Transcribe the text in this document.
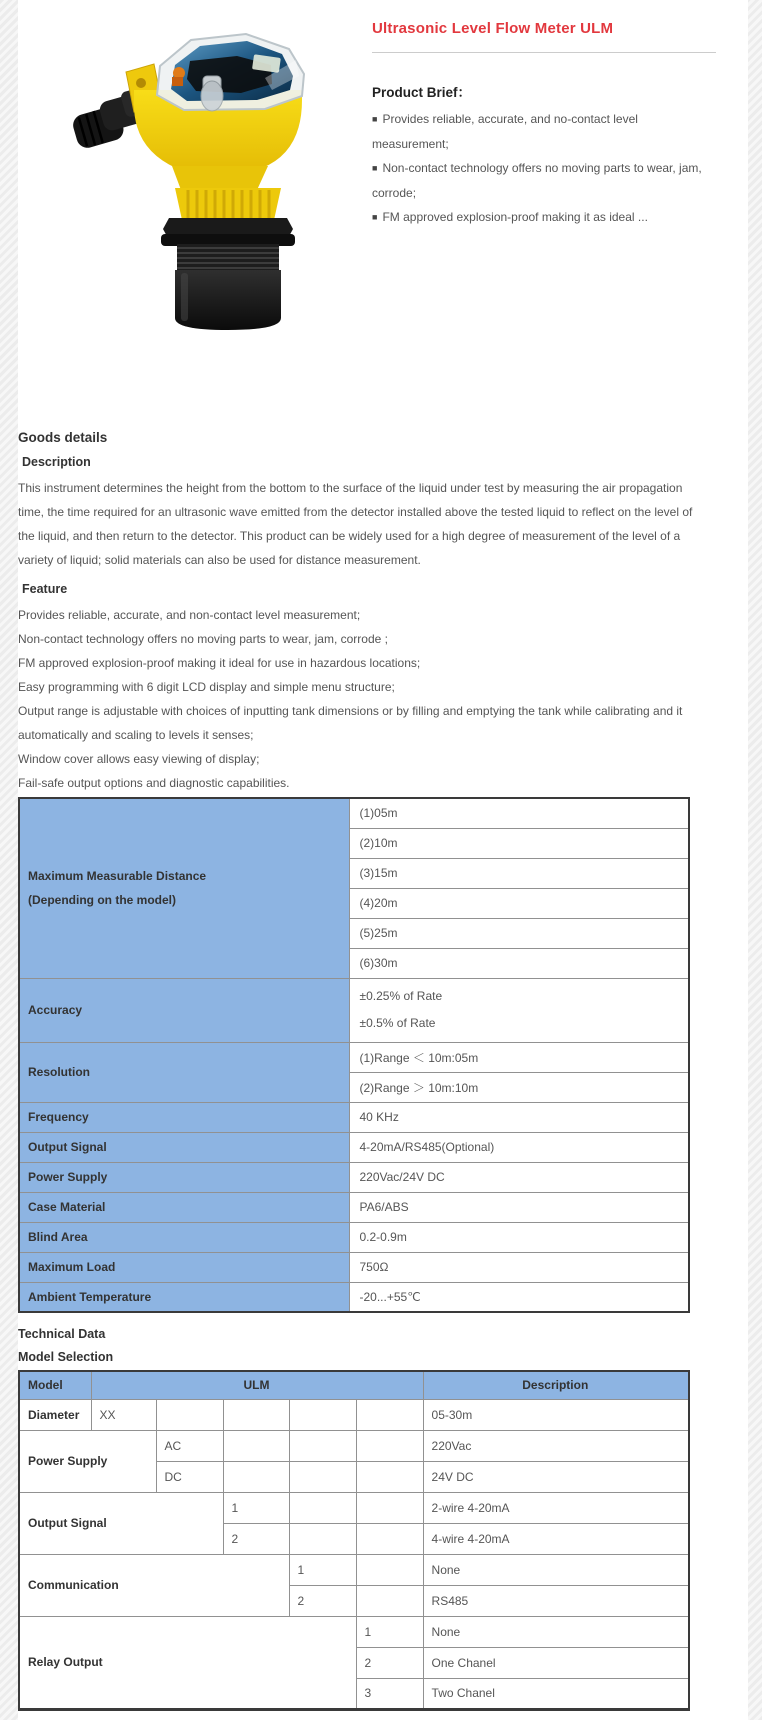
Ultrasonic Level Flow Meter ULM
Product Brief：
■ Provides reliable, accurate, and no-contact level measurement;
■ Non-contact technology offers no moving parts to wear, jam, corrode;
■ FM approved explosion-proof making it as ideal ...
Goods details
Description
This instrument determines the height from the bottom to the surface of the liquid under test by measuring the air propagation time, the time required for an ultrasonic wave emitted from the detector installed above the tested liquid to reflect on the level of the liquid, and then return to the detector. This product can be widely used for a high degree of measurement of the level of a variety of liquid; solid materials can also be used for distance measurement.
Feature
Provides reliable, accurate, and non-contact level measurement;
Non-contact technology offers no moving parts to wear, jam, corrode ;
FM approved explosion-proof making it ideal for use in hazardous locations;
Easy programming with 6 digit LCD display and simple menu structure;
Output range is adjustable with choices of inputting tank dimensions or by filling and emptying the tank while calibrating and it automatically and scaling to levels it senses;
Window cover allows easy viewing of display;
Fail-safe output options and diagnostic capabilities.
Maximum Measurable Distance
(Depending on the model)	(1)05m
	(2)10m
	(3)15m
	(4)20m
	(5)25m
	(6)30m
Accuracy	±0.25% of Rate
±0.5% of Rate

Resolution	(1)Range ＜ 10m:05m
	(2)Range ＞ 10m:10m
Frequency	40 KHz
Output Signal	4-20mA/RS485(Optional)
Power Supply	220Vac/24V DC
Case Material	PA6/ABS
Blind Area	0.2-0.9m
Maximum Load	750Ω
Ambient Temperature	-20...+55℃
Technical Data
Model Selection
Model	ULM					Description
Diameter	XX					05-30m
Power Supply		AC				220Vac
		DC				24V DC
Output Signal			1			2-wire 4-20mA
			2			4-wire 4-20mA
Communication				1		None
				2		RS485
Relay Output					1	None
					2	One Chanel
					3	Two Chanel
